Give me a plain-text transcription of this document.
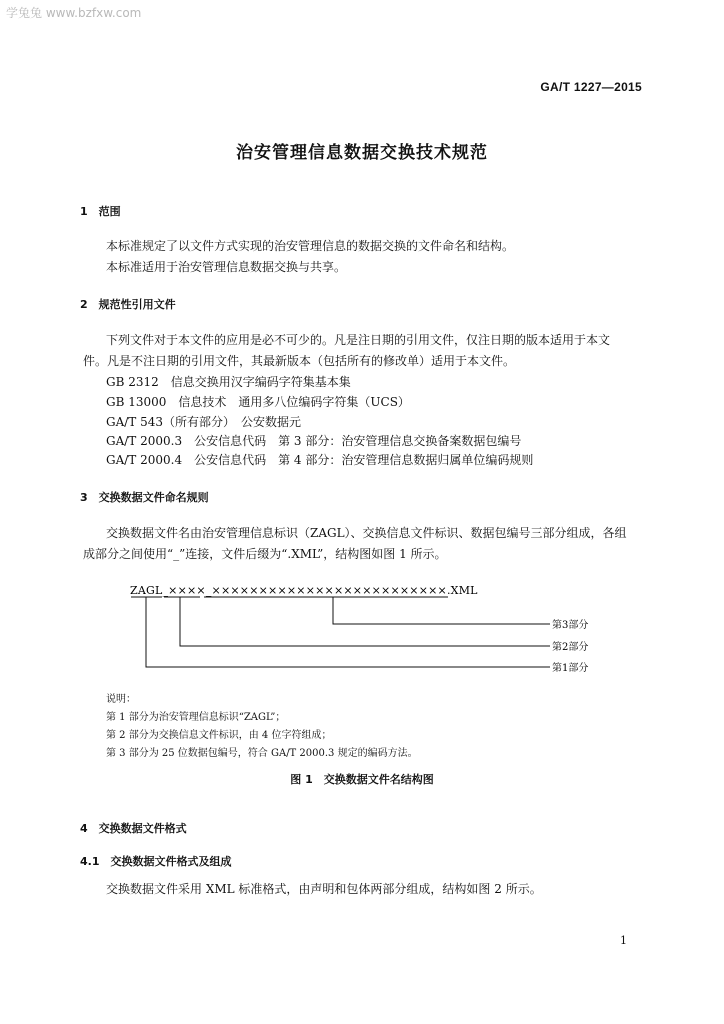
学兔兔 www.bzfxw.com
GA/T 1227—2015
治安管理信息数据交换技术规范
1　范围
本标准规定了以文件方式实现的治安管理信息的数据交换的文件命名和结构。
本标准适用于治安管理信息数据交换与共享。
2　规范性引用文件
下列文件对于本文件的应用是必不可少的。凡是注日期的引用文件，仅注日期的版本适用于本文
件。凡是不注日期的引用文件，其最新版本（包括所有的修改单）适用于本文件。
GB 2312　信息交换用汉字编码字符集基本集
GB 13000　信息技术　通用多八位编码字符集（UCS）
GA/T 543（所有部分）　公安数据元
GA/T 2000.3　公安信息代码　第 3 部分：治安管理信息交换备案数据包编号
GA/T 2000.4　公安信息代码　第 4 部分：治安管理信息数据归属单位编码规则
3　交换数据文件命名规则
交换数据文件名由治安管理信息标识（ZAGL）、交换信息文件标识、数据包编号三部分组成，各组
成部分之间使用“_”连接，文件后缀为“.XML”，结构图如图 1 所示。
ZAGL_××××_×××××××××××××××××××××××××.XML
第3部分
第2部分
第1部分
说明：
第 1 部分为治安管理信息标识“ZAGL”；
第 2 部分为交换信息文件标识，由 4 位字符组成；
第 3 部分为 25 位数据包编号，符合 GA/T 2000.3 规定的编码方法。
图 1　交换数据文件名结构图
4　交换数据文件格式
4.1　交换数据文件格式及组成
交换数据文件采用 XML 标准格式，由声明和包体两部分组成，结构如图 2 所示。
1
